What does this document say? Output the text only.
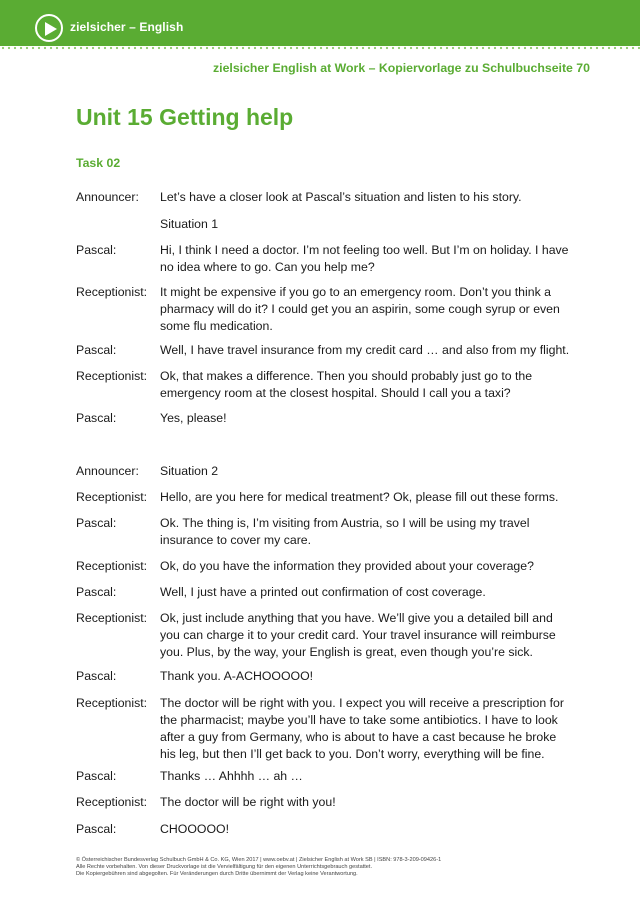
zielsicher – English
zielsicher English at Work – Kopiervorlage zu Schulbuchseite 70
Unit 15 Getting help
Task 02
Announcer: Let’s have a closer look at Pascal’s situation and listen to his story.
Situation 1
Pascal:	Hi, I think I need a doctor. I’m not feeling too well. But I’m on holiday. I have no idea where to go. Can you help me?
Receptionist: It might be expensive if you go to an emergency room. Don’t you think a pharmacy will do it? I could get you an aspirin, some cough syrup or even some flu medication.
Pascal:	Well, I have travel insurance from my credit card … and also from my flight.
Receptionist: Ok, that makes a difference. Then you should probably just go to the emergency room at the closest hospital. Should I call you a taxi?
Pascal:	Yes, please!
Announcer: Situation 2
Receptionist: Hello, are you here for medical treatment? Ok, please fill out these forms.
Pascal:	Ok. The thing is, I’m visiting from Austria, so I will be using my travel insurance to cover my care.
Receptionist: Ok, do you have the information they provided about your coverage?
Pascal:	Well, I just have a printed out confirmation of cost coverage.
Receptionist: Ok, just include anything that you have. We’ll give you a detailed bill and you can charge it to your credit card. Your travel insurance will reimburse you. Plus, by the way, your English is great, even though you’re sick.
Pascal:	Thank you. A-ACHOOOOO!
Receptionist: The doctor will be right with you. I expect you will receive a prescription for the pharmacist; maybe you’ll have to take some antibiotics. I have to look after a guy from Germany, who is about to have a cast because he broke his leg, but then I’ll get back to you. Don’t worry, everything will be fine.
Pascal:	Thanks … Ahhhh … ah …
Receptionist: The doctor will be right with you!
Pascal:	CHOOOOO!
© Österreichischer Bundesverlag Schulbuch GmbH & Co. KG, Wien 2017 | www.oebv.at | Zielsicher English at Work SB | ISBN: 978-3-209-09426-1
Alle Rechte vorbehalten. Von dieser Druckvorlage ist die Vervielfältigung für den eigenen Unterrichtsgebrauch gestattet.
Die Kopiergebühren sind abgegolten. Für Veränderungen durch Dritte übernimmt der Verlag keine Verantwortung.
